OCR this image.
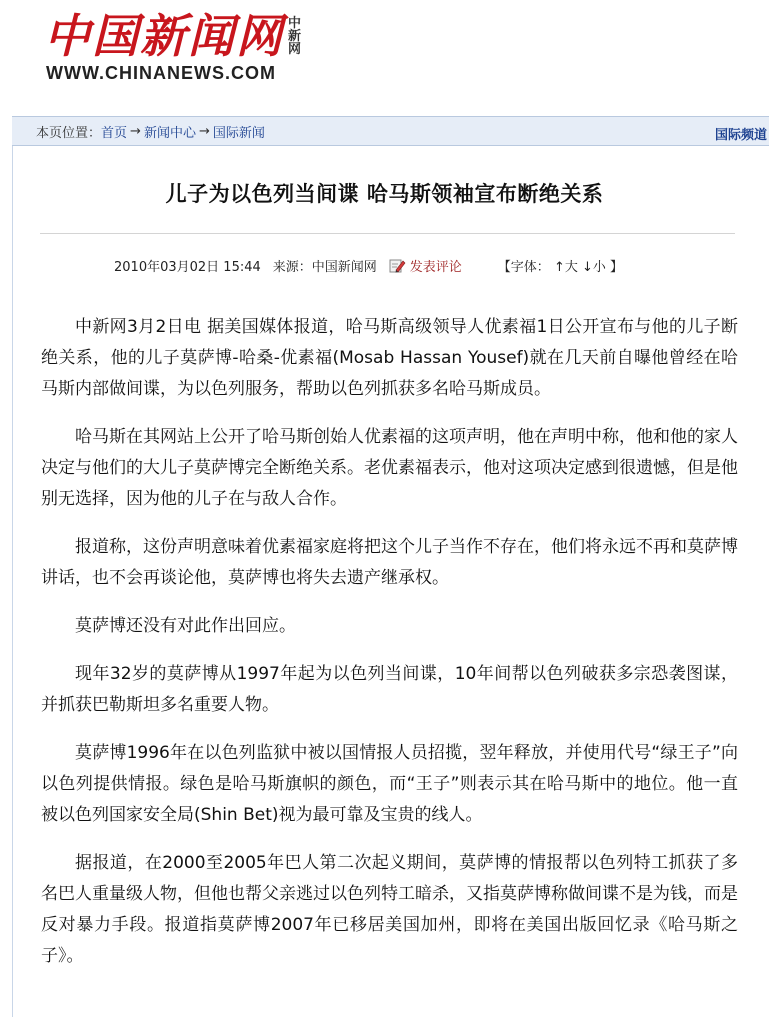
中国新闻网 中
新
网
WWW.CHINANEWS.COM
本页位置： 首页 → 新闻中心 → 国际新闻	国际频道
儿子为以色列当间谍 哈马斯领袖宣布断绝关系
2010年03月02日 15:44 来源：中国新闻网	发表评论	【字体： ↑大 ↓小 】

中新网3月2日电 据美国媒体报道，哈马斯高级领导人优素福1日公开宣布与他的儿子断绝关系，他的儿子莫萨博-哈桑-优素福(Mosab Hassan Yousef)就在几天前自曝他曾经在哈马斯内部做间谍，为以色列服务，帮助以色列抓获多名哈马斯成员。

哈马斯在其网站上公开了哈马斯创始人优素福的这项声明，他在声明中称，他和他的家人决定与他们的大儿子莫萨博完全断绝关系。老优素福表示，他对这项决定感到很遗憾，但是他别无选择，因为他的儿子在与敌人合作。

报道称，这份声明意味着优素福家庭将把这个儿子当作不存在，他们将永远不再和莫萨博讲话，也不会再谈论他，莫萨博也将失去遗产继承权。

莫萨博还没有对此作出回应。

现年32岁的莫萨博从1997年起为以色列当间谍，10年间帮以色列破获多宗恐袭图谋，并抓获巴勒斯坦多名重要人物。

莫萨博1996年在以色列监狱中被以国情报人员招揽，翌年释放，并使用代号“绿王子”向以色列提供情报。绿色是哈马斯旗帜的颜色，而“王子”则表示其在哈马斯中的地位。他一直被以色列国家安全局(Shin Bet)视为最可靠及宝贵的线人。

据报道，在2000至2005年巴人第二次起义期间，莫萨博的情报帮以色列特工抓获了多名巴人重量级人物，但他也帮父亲逃过以色列特工暗杀，又指莫萨博称做间谍不是为钱，而是反对暴力手段。报道指莫萨博2007年已移居美国加州，即将在美国出版回忆录《哈马斯之子》。
